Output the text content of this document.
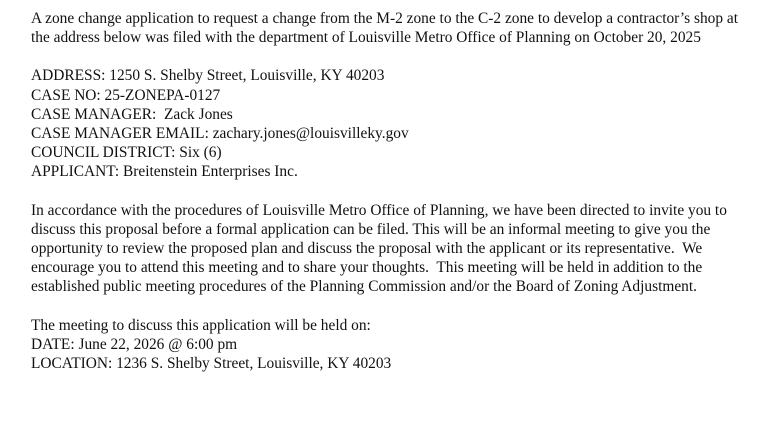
A zone change application to request a change from the M-2 zone to the C-2 zone to develop a contractor’s shop at the address below was filed with the department of Louisville Metro Office of Planning on October 20, 2025

ADDRESS: 1250 S. Shelby Street, Louisville, KY 40203
CASE NO: 25-ZONEPA-0127
CASE MANAGER: Zack Jones
CASE MANAGER EMAIL: zachary.jones@louisvilleky.gov
COUNCIL DISTRICT: Six (6)
APPLICANT: Breitenstein Enterprises Inc.

In accordance with the procedures of Louisville Metro Office of Planning, we have been directed to invite you to discuss this proposal before a formal application can be filed. This will be an informal meeting to give you the opportunity to review the proposed plan and discuss the proposal with the applicant or its representative.  We encourage you to attend this meeting and to share your thoughts.  This meeting will be held in addition to the established public meeting procedures of the Planning Commission and/or the Board of Zoning Adjustment.

The meeting to discuss this application will be held on:
DATE: June 22, 2026 @ 6:00 pm
LOCATION: 1236 S. Shelby Street, Louisville, KY 40203
